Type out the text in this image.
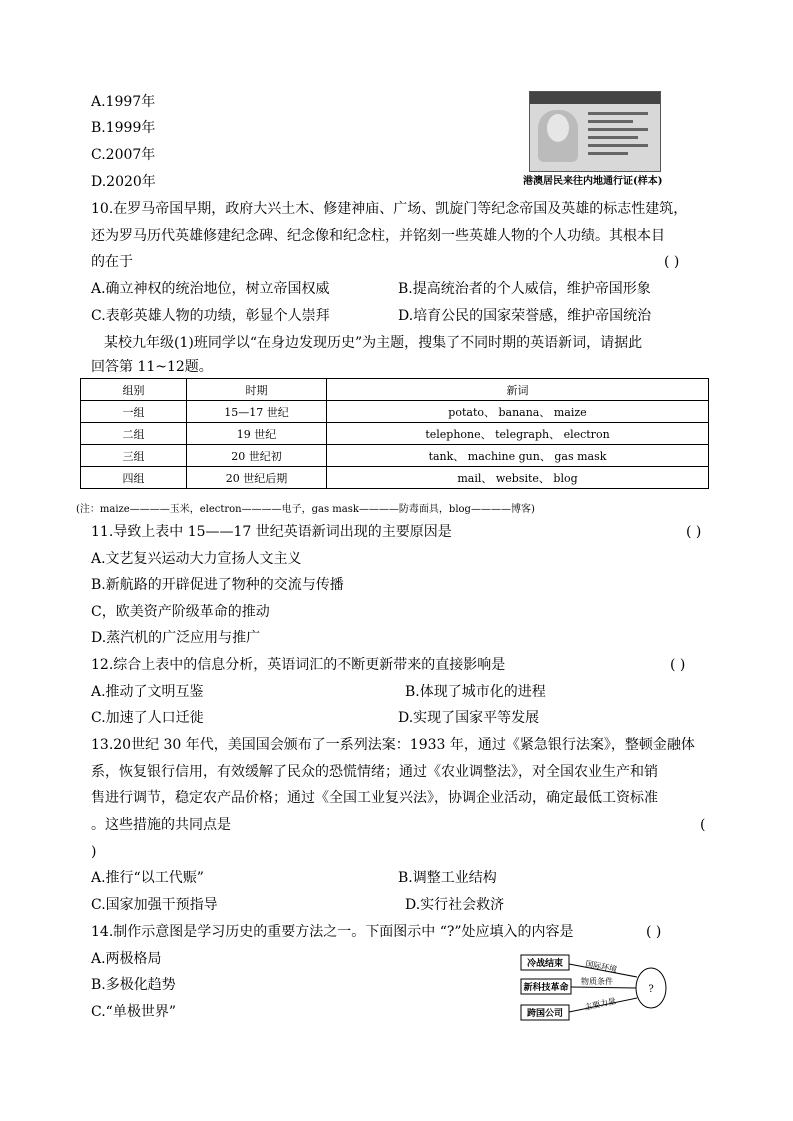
A.1997年
B.1999年
C.2007年
D.2020年	港澳居民来往内地通行证(样本)
10.在罗马帝国早期，政府大兴土木、修建神庙、广场、凯旋门等纪念帝国及英雄的标志性建筑，
还为罗马历代英雄修建纪念碑、纪念像和纪念柱，并铭刻一些英雄人物的个人功绩。其根本目
的在于	( )
A.确立神权的统治地位，树立帝国权威	B.提高统治者的个人威信，维护帝国形象
C.表彰英雄人物的功绩，彰显个人崇拜	D.培育公民的国家荣誉感，维护帝国统治
某校九年级(1)班同学以“在身边发现历史”为主题，搜集了不同时期的英语新词，请据此
回答第 11~12题。
组别	时期	新词
一组	15—17 世纪	potato、 banana、 maize
二组	19 世纪	telephone、 telegraph、 electron
三组	20 世纪初	tank、 machine gun、 gas mask
四组	20 世纪后期	mail、 website、 blog
(注：maize————玉米，electron————电子，gas mask————防毒面具，blog————博客)
11.导致上表中 15——17 世纪英语新词出现的主要原因是	( )
A.文艺复兴运动大力宣扬人文主义
B.新航路的开辟促进了物种的交流与传播
C，欧美资产阶级革命的推动
D.蒸汽机的广泛应用与推广
12.综合上表中的信息分析，英语词汇的不断更新带来的直接影响是	( )
A.推动了文明互鉴	B.体现了城市化的进程
C.加速了人口迁徙	D.实现了国家平等发展
13.20世纪 30 年代，美国国会颁布了一系列法案：1933 年，通过《紧急银行法案》，整顿金融体
系，恢复银行信用，有效缓解了民众的恐慌情绪；通过《农业调整法》，对全国农业生产和销
售进行调节，稳定农产品价格；通过《全国工业复兴法》，协调企业活动，确定最低工资标准
。这些措施的共同点是	(
)
A.推行“以工代赈”	B.调整工业结构
C.国家加强干预指导	D.实行社会救济
14.制作示意图是学习历史的重要方法之一。下面图示中 “?”处应填入的内容是	( )
A.两极格局
B.多极化趋势
C.“单极世界”
冷战结束
新科技革命
跨国公司
国际环境
物质条件
主要力量
?
